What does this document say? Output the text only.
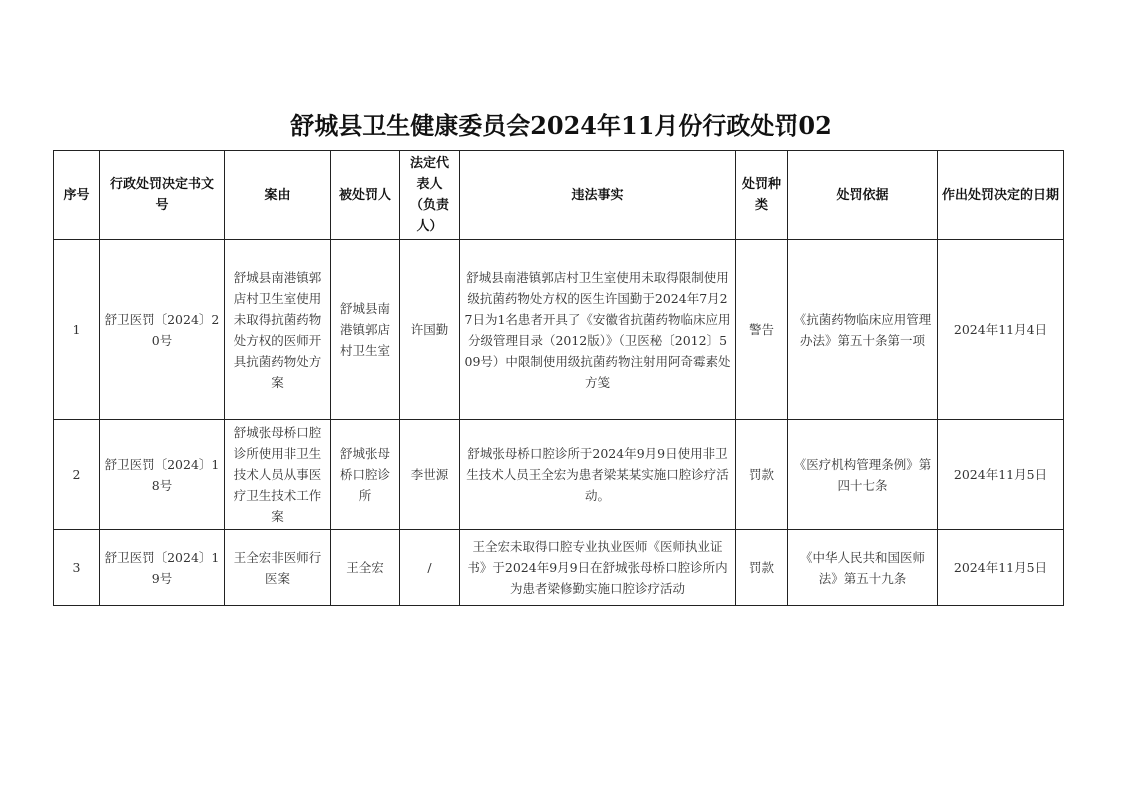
舒城县卫生健康委员会2024年11月份行政处罚02
序号	行政处罚决定书文号	案由	被处罚人	法定代表人（负责人）	违法事实	处罚种类	处罚依据	作出处罚决定的日期
1	舒卫医罚〔2024〕20号	舒城县南港镇郭店村卫生室使用未取得抗菌药物处方权的医师开具抗菌药物处方案	舒城县南港镇郭店村卫生室	许国勤	舒城县南港镇郭店村卫生室使用未取得限制使用级抗菌药物处方权的医生许国勤于2024年7月27日为1名患者开具了《安徽省抗菌药物临床应用分级管理目录（2012版）》（卫医秘〔2012〕509号）中限制使用级抗菌药物注射用阿奇霉素处方笺	警告	《抗菌药物临床应用管理办法》第五十条第一项	2024年11月4日
2	舒卫医罚〔2024〕18号	舒城张母桥口腔诊所使用非卫生技术人员从事医疗卫生技术工作案	舒城张母桥口腔诊所	李世源	舒城张母桥口腔诊所于2024年9月9日使用非卫生技术人员王全宏为患者梁某某实施口腔诊疗活动。	罚款	《医疗机构管理条例》第四十七条	2024年11月5日
3	舒卫医罚〔2024〕19号	王全宏非医师行医案	王全宏	/	王全宏未取得口腔专业执业医师《医师执业证书》于2024年9月9日在舒城张母桥口腔诊所内为患者梁修勤实施口腔诊疗活动	罚款	《中华人民共和国医师法》第五十九条	2024年11月5日
